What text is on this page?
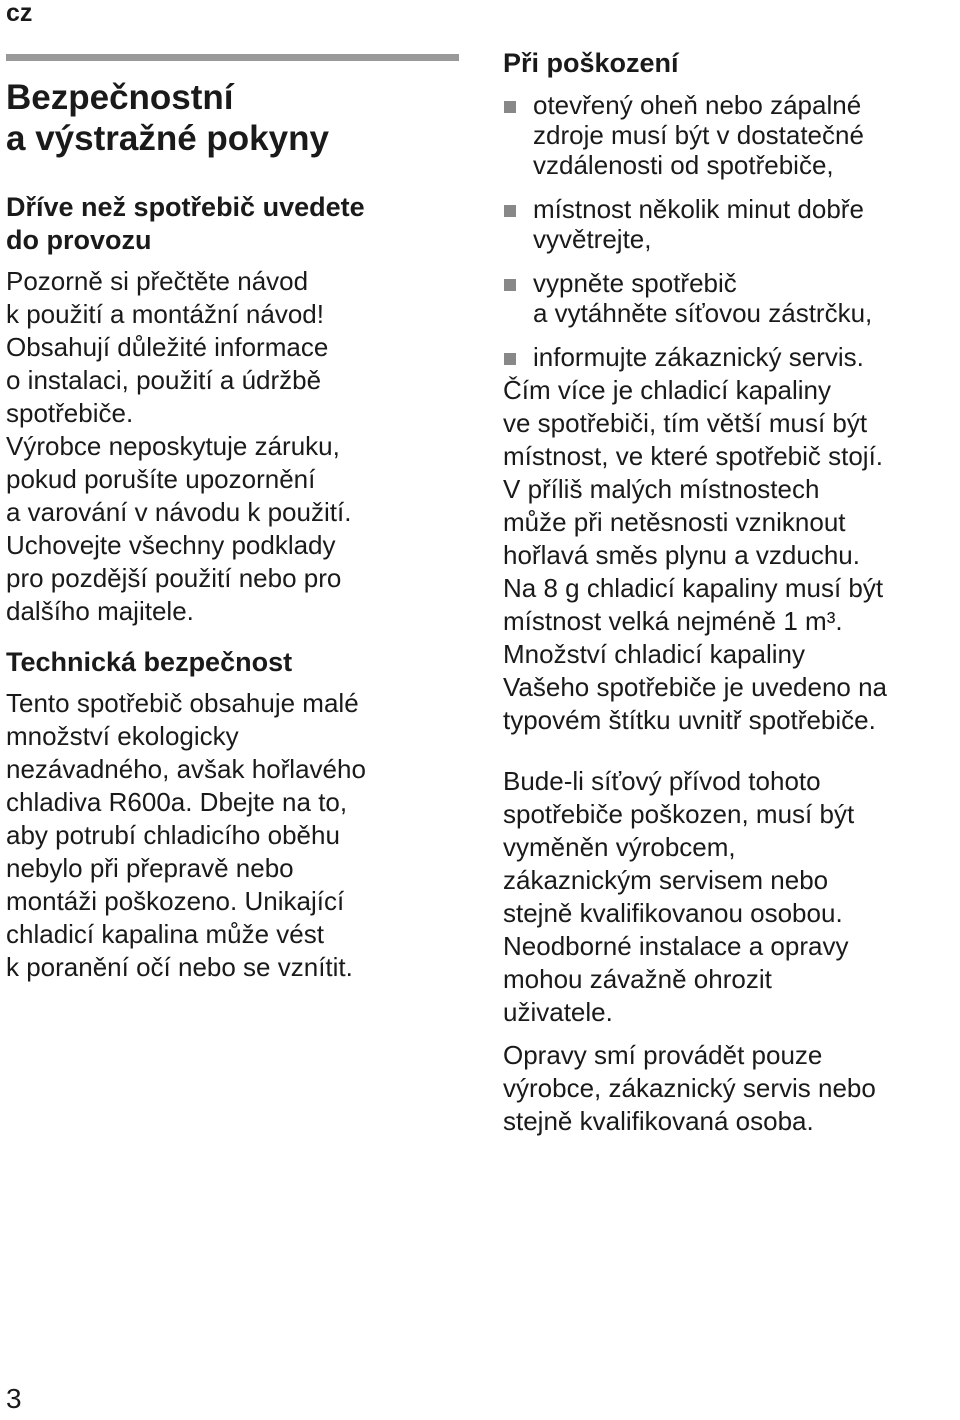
cz
Bezpečnostní
a výstražné pokyny
Dříve než spotřebič uvedete
do provozu

Pozorně si přečtěte návod
k použití a montážní návod!
Obsahují důležité informace
o instalaci, použití a údržbě
spotřebiče.

Výrobce neposkytuje záruku,
pokud porušíte upozornění
a varování v návodu k použití.

Uchovejte všechny podklady
pro pozdější použití nebo pro
dalšího majitele.

Technická bezpečnost

Tento spotřebič obsahuje malé
množství ekologicky
nezávadného, avšak hořlavého
chladiva R600a. Dbejte na to,
aby potrubí chladicího oběhu
nebylo při přepravě nebo
montáži poškozeno. Unikající
chladicí kapalina může vést
k poranění očí nebo se vznítit.

Při poškození
otevřený oheň nebo zápalné
zdroje musí být v dostatečné
vzdálenosti od spotřebiče,
místnost několik minut dobře
vyvětrejte,
vypněte spotřebič
a vytáhněte síťovou zástrčku,
informujte zákaznický servis.

Čím více je chladicí kapaliny
ve spotřebiči, tím větší musí být
místnost, ve které spotřebič stojí.
V příliš malých místnostech
může při netěsnosti vzniknout
hořlavá směs plynu a vzduchu.
Na 8 g chladicí kapaliny musí být
místnost velká nejméně 1 m³.
Množství chladicí kapaliny
Vašeho spotřebiče je uvedeno na
typovém štítku uvnitř spotřebiče.

Bude-li síťový přívod tohoto
spotřebiče poškozen, musí být
vyměněn výrobcem,
zákaznickým servisem nebo
stejně kvalifikovanou osobou.
Neodborné instalace a opravy
mohou závažně ohrozit
uživatele.

Opravy smí provádět pouze
výrobce, zákaznický servis nebo
stejně kvalifikovaná osoba.

3
